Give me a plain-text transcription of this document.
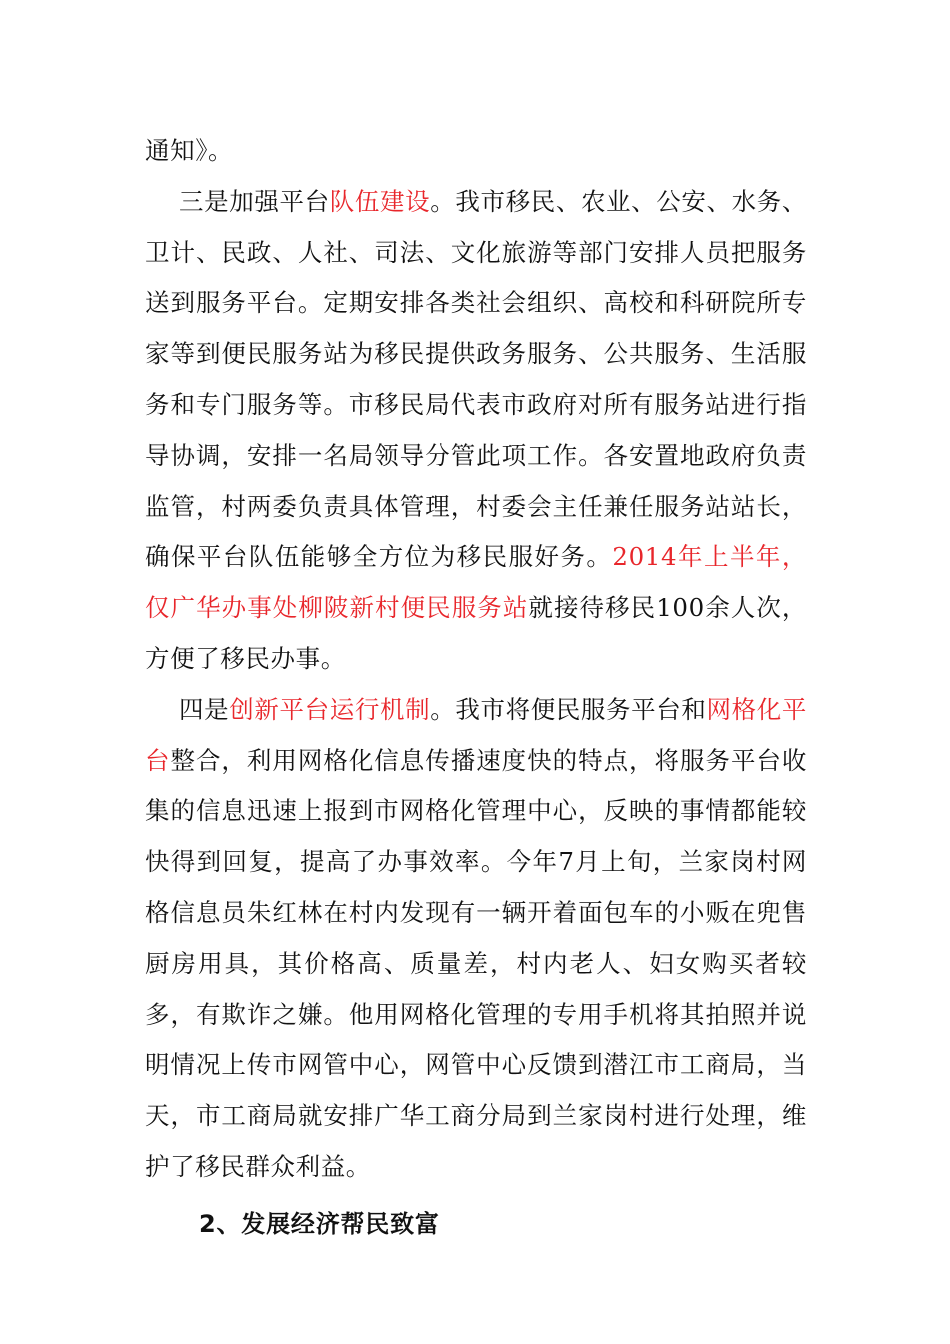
通知》。

三是加强平台队伍建设。我市移民、农业、公安、水务、卫计、民政、人社、司法、文化旅游等部门安排人员把服务送到服务平台。定期安排各类社会组织、高校和科研院所专家等到便民服务站为移民提供政务服务、公共服务、生活服务和专门服务等。市移民局代表市政府对所有服务站进行指导协调，安排一名局领导分管此项工作。各安置地政府负责监管，村两委负责具体管理，村委会主任兼任服务站站长，确保平台队伍能够全方位为移民服好务。2014年上半年，仅广华办事处柳陂新村便民服务站就接待移民100余人次，方便了移民办事。

四是创新平台运行机制。我市将便民服务平台和网格化平台整合，利用网格化信息传播速度快的特点，将服务平台收集的信息迅速上报到市网格化管理中心，反映的事情都能较快得到回复，提高了办事效率。今年7月上旬，兰家岗村网格信息员朱红林在村内发现有一辆开着面包车的小贩在兜售厨房用具，其价格高、质量差，村内老人、妇女购买者较多，有欺诈之嫌。他用网格化管理的专用手机将其拍照并说明情况上传市网管中心，网管中心反馈到潜江市工商局，当天，市工商局就安排广华工商分局到兰家岗村进行处理，维护了移民群众利益。

2、发展经济帮民致富
